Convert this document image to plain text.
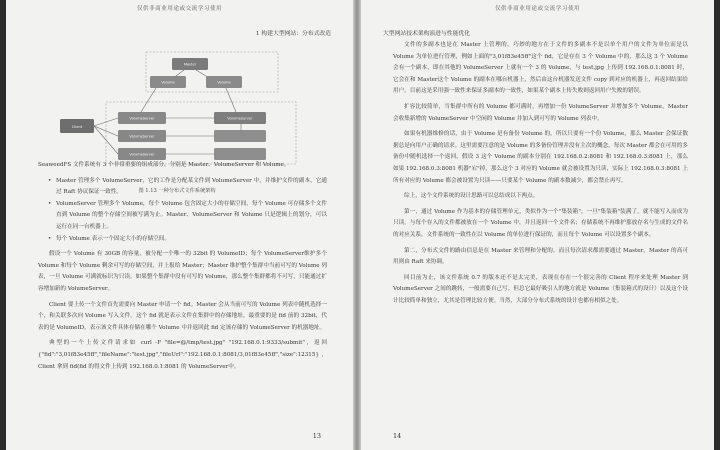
仅供非商业用途或交流学习使用
1 构建大型网站：分布式改造
Master
Volume	Volume
Client
VolumeServer
VolumeServer
VolumeServer
VolumeServer
图 1.13 一种分布式文件系统架构

SeaweedFS 文件系统有 3 个非常重要的组成部分，分别是 Master、VolumeServer 和 Volume。

• Master 管理多个 VolumeServer，它的工作是分配某文件到 VolumeServer 中，并维护文件的副本，它通过 Raft 协议保证一致性。
• VolumeServer 管理多个 Volume，每个 Volume 包含固定大小的存储空间，每个 Volume 可存储多个文件直到 Volume 的整个存储空间被写满为止。Master、VolumeServer 和 Volume 只是逻辑上的划分，可以运行在同一台机器上。
• 每个 Volume 表示一个固定大小的存储空间。

假设一个 Volume 有 30GB 的容量，被分配一个唯一的 32bit 的 VolumeID；每个 VolumeServer维护多个 Volume 和每个 Volume 剩余可写的存储空间，并上报给 Master；Master 维护整个集群中当前可写的 Volume 列表，一旦 Volume 可满就标识为只读。如果整个集群中没有可写的 Volume，那么整个集群都将不可写，只能通过扩容增加新的 VolumeServer。

Client 要上传一个文件首先需要向 Master 申请一个 fid。Master 会从当前可写的 Volume 列表中随机选择一个，和关联多次向 Volume 写入文件。这个 fid 就是表示文件在集群中的存储地址，最重要的是 fid 前的 32bit，代表的是 VolumeID，表示该文件具体存储在哪个 Volume 中并返回此 fid 定该存储的 VolumeServer 的机器地址。

典型的一个上传文件请求如 curl -F "file=@/tmp/test.jpg" "192.168.0.1:9333/submit"，返回{"fid":"3,01f83e45ff","fileName":"test.jpg","fileUrl":"192.168.0.1:8081/3,01f83e45ff","size":12315}，Client 拿到 fid(fid 的得文件上传到 192.168.0.1:8081 的 VolumeServer中。

13
仅供非商业用途或交流学习使用
大型网站技术架构演进与性能优化

文件的多副本也是在 Master 上管理的，巧妙的地方在于文件的多副本不是以单个用户的文件为单位而是以 Volume 为单位进行管理，例如上面的"3,01f83e45ff"这个 fid，它是存在 3 个 Volume 中的，那么这 3 个 Volume 会有一个副本，即在其他的 VolumeServer 上就有一个 3 的 Volume，与 test.jpg 上传到 192.168.0.1:8081 时，它会在和 Master这个 Volume 的副本在哪台机器上，然后由这台机器发送文件 copy 到对应的机器上，再返回结果给用户。目前这是采用强一致性来保证多副本的一致性，如果某个副本上传失败则返回用户失败的错误。

扩容比较简单，当集群中所有的 Volume 都可满时，再增加一份 VolumeServer 并增加多个 Volume，Master 会收集新增的 VolumeServer 中空闲的 Volume 并加入到可写的 Volume 列表中。

如果有机器维修的话，由于 Volume 是有备份 Volume 的，所以只要有一个份 Volume，那么 Master 会保证数据总是向用户正确的请求。这里需要注意的是 Volume 的多备份管理并没有主次的概念，每次 Master 都会在可用的多备份中随机选择一个返回。假设 3 这个 Volume 的副本分别在 192.168.0.2:8081 和 192.168.0.3:8081 上，那么如果 192.168.0.3:8081 机器"宕"掉，那么这个 3 对应的 Volume 就会被设置为只读，实际上 192.168.0.3:8081 上所有对应的 Volume 都会被设置为只读——只要某个 Volume 的副本数减少，都会禁止再写。

综上，这个文件系统的设计思路可以总结成以下两点。

第一，通过 Volume 作为基本的存储管理单元，类似作为一个"集装箱"，一旦"集装箱"装满了，就不能写入而成为只读。与每个存入的文件都被放在一个 Volume 中，并且返回一个文件名；存储系统不再维护那放存名与生成的文件名的对应关系，文件系统的一致性在以 Volume 的单位进行保证的，而且每个 Volume 可以设置多个副本。

第二，分布式文件的路由信息是在 Master 来管理和分配的，而且每次请求都需要通过 Master，Master 的高可用则由 Raft 来协调。

回目前为止，该文件系统 0.7 的版本还不是太完美，表现在存在一个很完善的 Client 程序来处理 Master 到 VolumeServer 之间的跳转，一般需要自己写。但总它最好吸引人的地方就是 Volume（集装箱式的设计）以及这个设计比较简单和独立，尤其是管理比较方便。当然，大部分分布式系统的设计也都有相似之处。

14
